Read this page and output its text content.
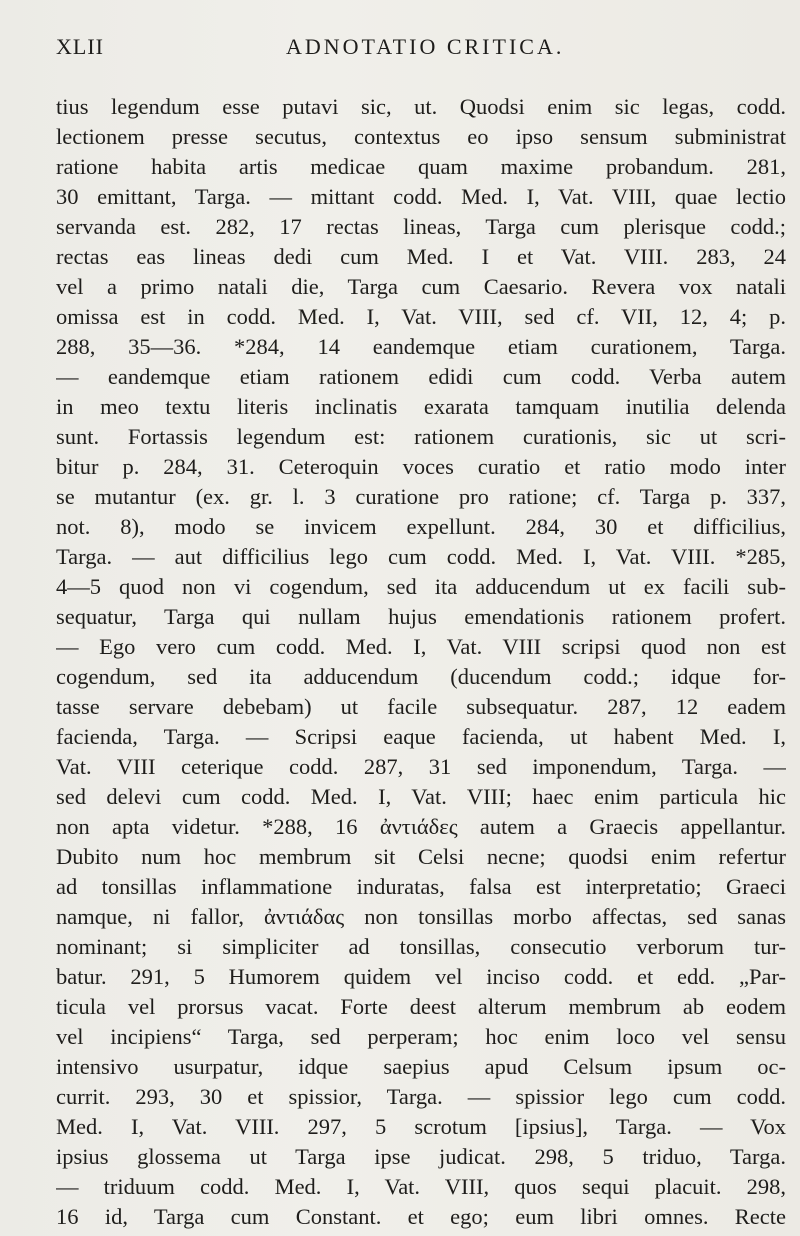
XLII	ADNOTATIO CRITICA.
tius legendum esse putavi sic, ut. Quodsi enim sic legas, codd.
lectionem presse secutus, contextus eo ipso sensum subministrat
ratione habita artis medicae quam maxime probandum. 281,
30 emittant, Targa. — mittant codd. Med. I, Vat. VIII, quae lectio
servanda est. 282, 17 rectas lineas, Targa cum plerisque codd.;
rectas eas lineas dedi cum Med. I et Vat. VIII. 283, 24
vel a primo natali die, Targa cum Caesario. Revera vox natali
omissa est in codd. Med. I, Vat. VIII, sed cf. VII, 12, 4; p.
288, 35—36. *284, 14 eandemque etiam curationem, Targa.
— eandemque etiam rationem edidi cum codd. Verba autem
in meo textu literis inclinatis exarata tamquam inutilia delenda
sunt. Fortassis legendum est: rationem curationis, sic ut scri-
bitur p. 284, 31. Ceteroquin voces curatio et ratio modo inter
se mutantur (ex. gr. l. 3 curatione pro ratione; cf. Targa p. 337,
not. 8), modo se invicem expellunt. 284, 30 et difficilius,
Targa. — aut difficilius lego cum codd. Med. I, Vat. VIII. *285,
4—5 quod non vi cogendum, sed ita adducendum ut ex facili sub-
sequatur, Targa qui nullam hujus emendationis rationem profert.
— Ego vero cum codd. Med. I, Vat. VIII scripsi quod non est
cogendum, sed ita adducendum (ducendum codd.; idque for-
tasse servare debebam) ut facile subsequatur. 287, 12 eadem
facienda, Targa. — Scripsi eaque facienda, ut habent Med. I,
Vat. VIII ceterique codd. 287, 31 sed imponendum, Targa. —
sed delevi cum codd. Med. I, Vat. VIII; haec enim particula hic
non apta videtur. *288, 16 ἀντιάδες autem a Graecis appellantur.
Dubito num hoc membrum sit Celsi necne; quodsi enim refertur
ad tonsillas inflammatione induratas, falsa est interpretatio; Graeci
namque, ni fallor, ἀντιάδας non tonsillas morbo affectas, sed sanas
nominant; si simpliciter ad tonsillas, consecutio verborum tur-
batur. 291, 5 Humorem quidem vel inciso codd. et edd. „Par-
ticula vel prorsus vacat. Forte deest alterum membrum ab eodem
vel incipiens“ Targa, sed perperam; hoc enim loco vel sensu
intensivo usurpatur, idque saepius apud Celsum ipsum oc-
currit. 293, 30 et spissior, Targa. — spissior lego cum codd.
Med. I, Vat. VIII. 297, 5 scrotum [ipsius], Targa. — Vox
ipsius glossema ut Targa ipse judicat. 298, 5 triduo, Targa.
— triduum codd. Med. I, Vat. VIII, quos sequi placuit. 298,
16 id, Targa cum Constant. et ego; eum libri omnes. Recte
